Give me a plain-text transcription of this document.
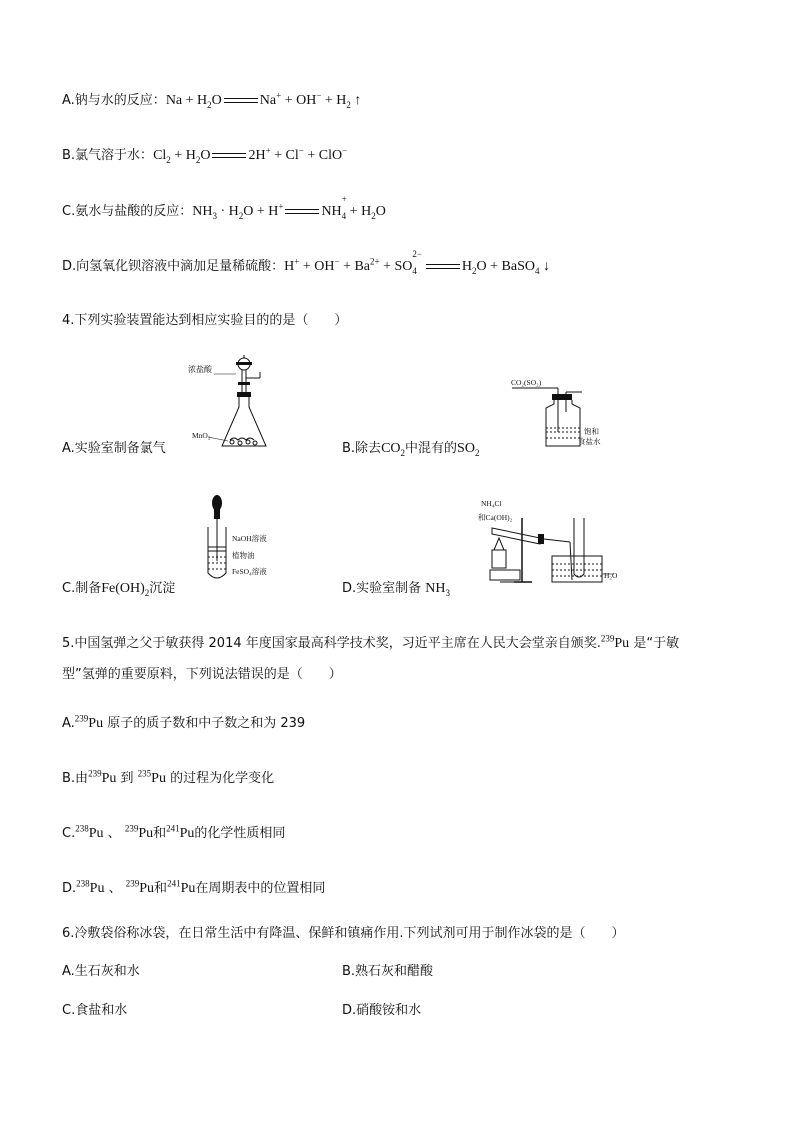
A.钠与水的反应：$Na + H_2O$	$Na^+ + OH^- + H_2$ ↑
B.氯气溶于水：$Cl_2 + H_2O$	2H+ + Cl− + ClO−
C.氨水与盐酸的反应：$NH_3 \cdot H_2O + H^+$	NH
$_{+ 4} + H_2O$
D.向氢氧化钡溶液中滴加足量稀硫酸：$H^+ + OH^- + Ba^{2+}$ + SO
$_{2- 4}$	$H_2O$ + BaSO$_4$ ↓
4.下列实验装置能达到相应实验目的的是（　　）
浓盐酸
MnO₂
A.实验室制备氯气
CO₂(SO₂)
饱和
食盐水
B.除去$CO_2$中混有的$SO_2$
NaOH溶液
植物油
FeSO₄溶液
C.制备$Fe(OH)_2$沉淀
NH₄Cl
和Ca(OH)₂
H₂O
D.实验室制备 $NH_3$
5.中国氢弹之父于敏获得 2014 年度国家最高科学技术奖，习近平主席在人民大会堂亲自颁奖.$^{239}$Pu 是“于敏
型”氢弹的重要原料，下列说法错误的是（　　）
A.$^{239}$Pu 原子的质子数和中子数之和为 239
B.由$^{239}$Pu 到 $^{235}$Pu 的过程为化学变化
C.$^{238}$Pu 、 $^{239}$Pu和$^{241}$Pu的化学性质相同
D.$^{238}$Pu 、 $^{239}$Pu和$^{241}$Pu在周期表中的位置相同
6.冷敷袋俗称冰袋，在日常生活中有降温、保鲜和镇痛作用.下列试剂可用于制作冰袋的是（　　）
A.生石灰和水	B.熟石灰和醋酸
C.食盐和水	D.硝酸铵和水
